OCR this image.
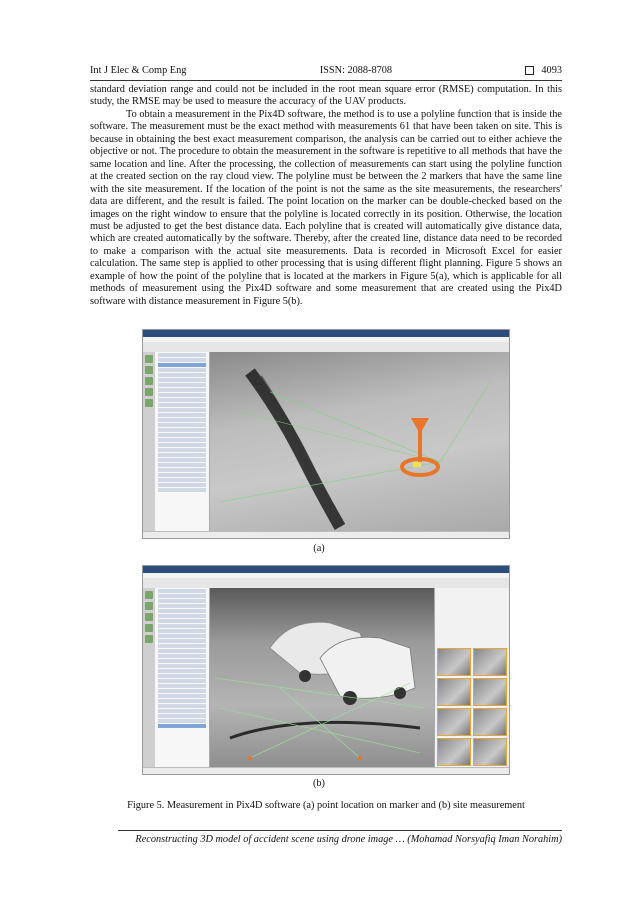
Int J Elec & Comp Eng	ISSN: 2088-8708	4093

standard deviation range and could not be included in the root mean square error (RMSE) computation. In this study, the RMSE may be used to measure the accuracy of the UAV products.

To obtain a measurement in the Pix4D software, the method is to use a polyline function that is inside the software. The measurement must be the exact method with measurements 61 that have been taken on site. This is because in obtaining the best exact measurement comparison, the analysis can be carried out to either achieve the objective or not. The procedure to obtain the measurement in the software is repetitive to all methods that have the same location and line. After the processing, the collection of measurements can start using the polyline function at the created section on the ray cloud view. The polyline must be between the 2 markers that have the same line with the site measurement. If the location of the point is not the same as the site measurements, the researchers' data are different, and the result is failed. The point location on the marker can be double-checked based on the images on the right window to ensure that the polyline is located correctly in its position. Otherwise, the location must be adjusted to get the best distance data. Each polyline that is created will automatically give distance data, which are created automatically by the software. Thereby, after the created line, distance data need to be recorded to make a comparison with the actual site measurements. Data is recorded in Microsoft Excel for easier calculation. The same step is applied to other processing that is using different flight planning. Figure 5 shows an example of how the point of the polyline that is located at the markers in Figure 5(a), which is applicable for all methods of measurement using the Pix4D software and some measurement that are created using the Pix4D software with distance measurement in Figure 5(b).

(a)
(b)
Figure 5. Measurement in Pix4D software (a) point location on marker and (b) site measurement
Reconstructing 3D model of accident scene using drone image … (Mohamad Norsyafiq Iman Norahim)
